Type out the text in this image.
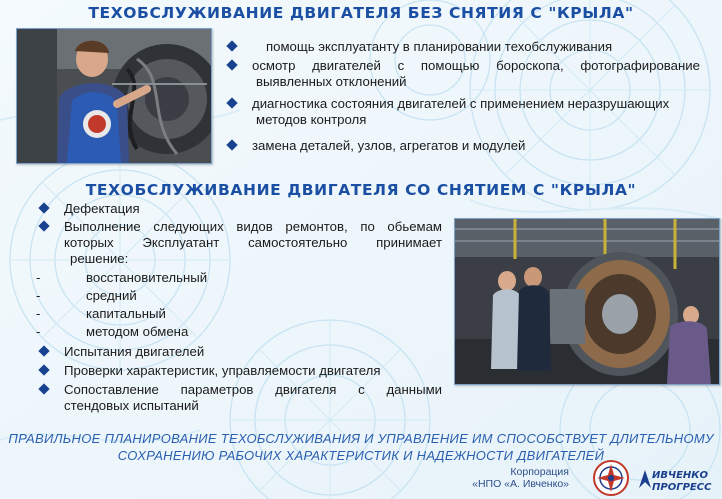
ТЕХОБСЛУЖИВАНИЕ ДВИГАТЕЛЯ БЕЗ СНЯТИЯ С "КРЫЛА"
помощь эксплуатанту в планировании техобслуживания
осмотр двигателей с помощью бороскопа, фотографирование
выявленных отклонений
диагностика состояния двигателей с применением неразрушающих
методов контроля
замена деталей, узлов, агрегатов и модулей
ТЕХОБСЛУЖИВАНИЕ ДВИГАТЕЛЯ СО СНЯТИЕМ С "КРЫЛА"
Дефектация
Выполнение следующих видов ремонтов, по обьемам
которых Эксплуатант самостоятельно принимает
решение:
-	восстановительный
-	средний
-	капитальный
-	методом обмена
Испытания двигателей
Проверки характеристик, управляемости двигателя
Сопоставление параметров двигателя с данными
стендовых испытаний
ПРАВИЛЬНОЕ ПЛАНИРОВАНИЕ ТЕХОБСЛУЖИВАНИЯ И УПРАВЛЕНИЕ ИМ СПОСОБСТВУЕТ ДЛИТЕЛЬНОМУ
СОХРАНЕНИЮ РАБОЧИХ ХАРАКТЕРИСТИК И НАДЕЖНОСТИ ДВИГАТЕЛЕЙ
Корпорация
«НПО «А. Ивченко»
ИВЧЕНКО
ПРОГРЕСС
